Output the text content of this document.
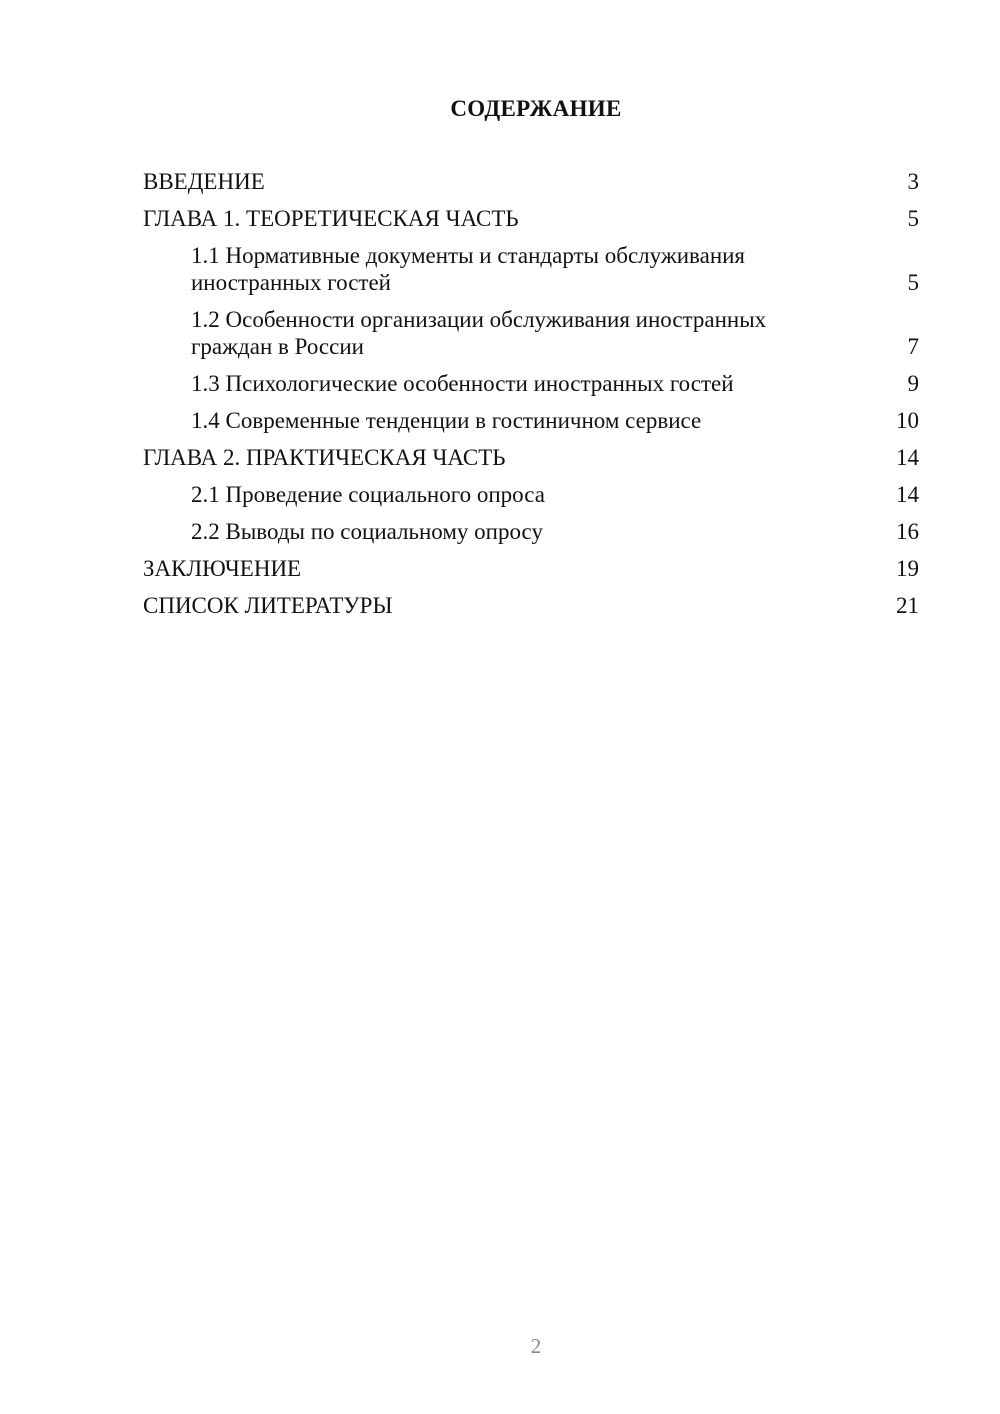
СОДЕРЖАНИЕ
ВВЕДЕНИЕ	3
ГЛАВА 1. ТЕОРЕТИЧЕСКАЯ ЧАСТЬ	5
1.1 Нормативные документы и стандарты обслуживания иностранных гостей	5
1.2 Особенности организации обслуживания иностранных граждан в России	7
1.3 Психологические особенности иностранных гостей	9
1.4 Современные тенденции в гостиничном сервисе	10
ГЛАВА 2. ПРАКТИЧЕСКАЯ ЧАСТЬ	14
2.1 Проведение социального опроса	14
2.2 Выводы по социальному опросу	16
ЗАКЛЮЧЕНИЕ	19
СПИСОК ЛИТЕРАТУРЫ	21
2
